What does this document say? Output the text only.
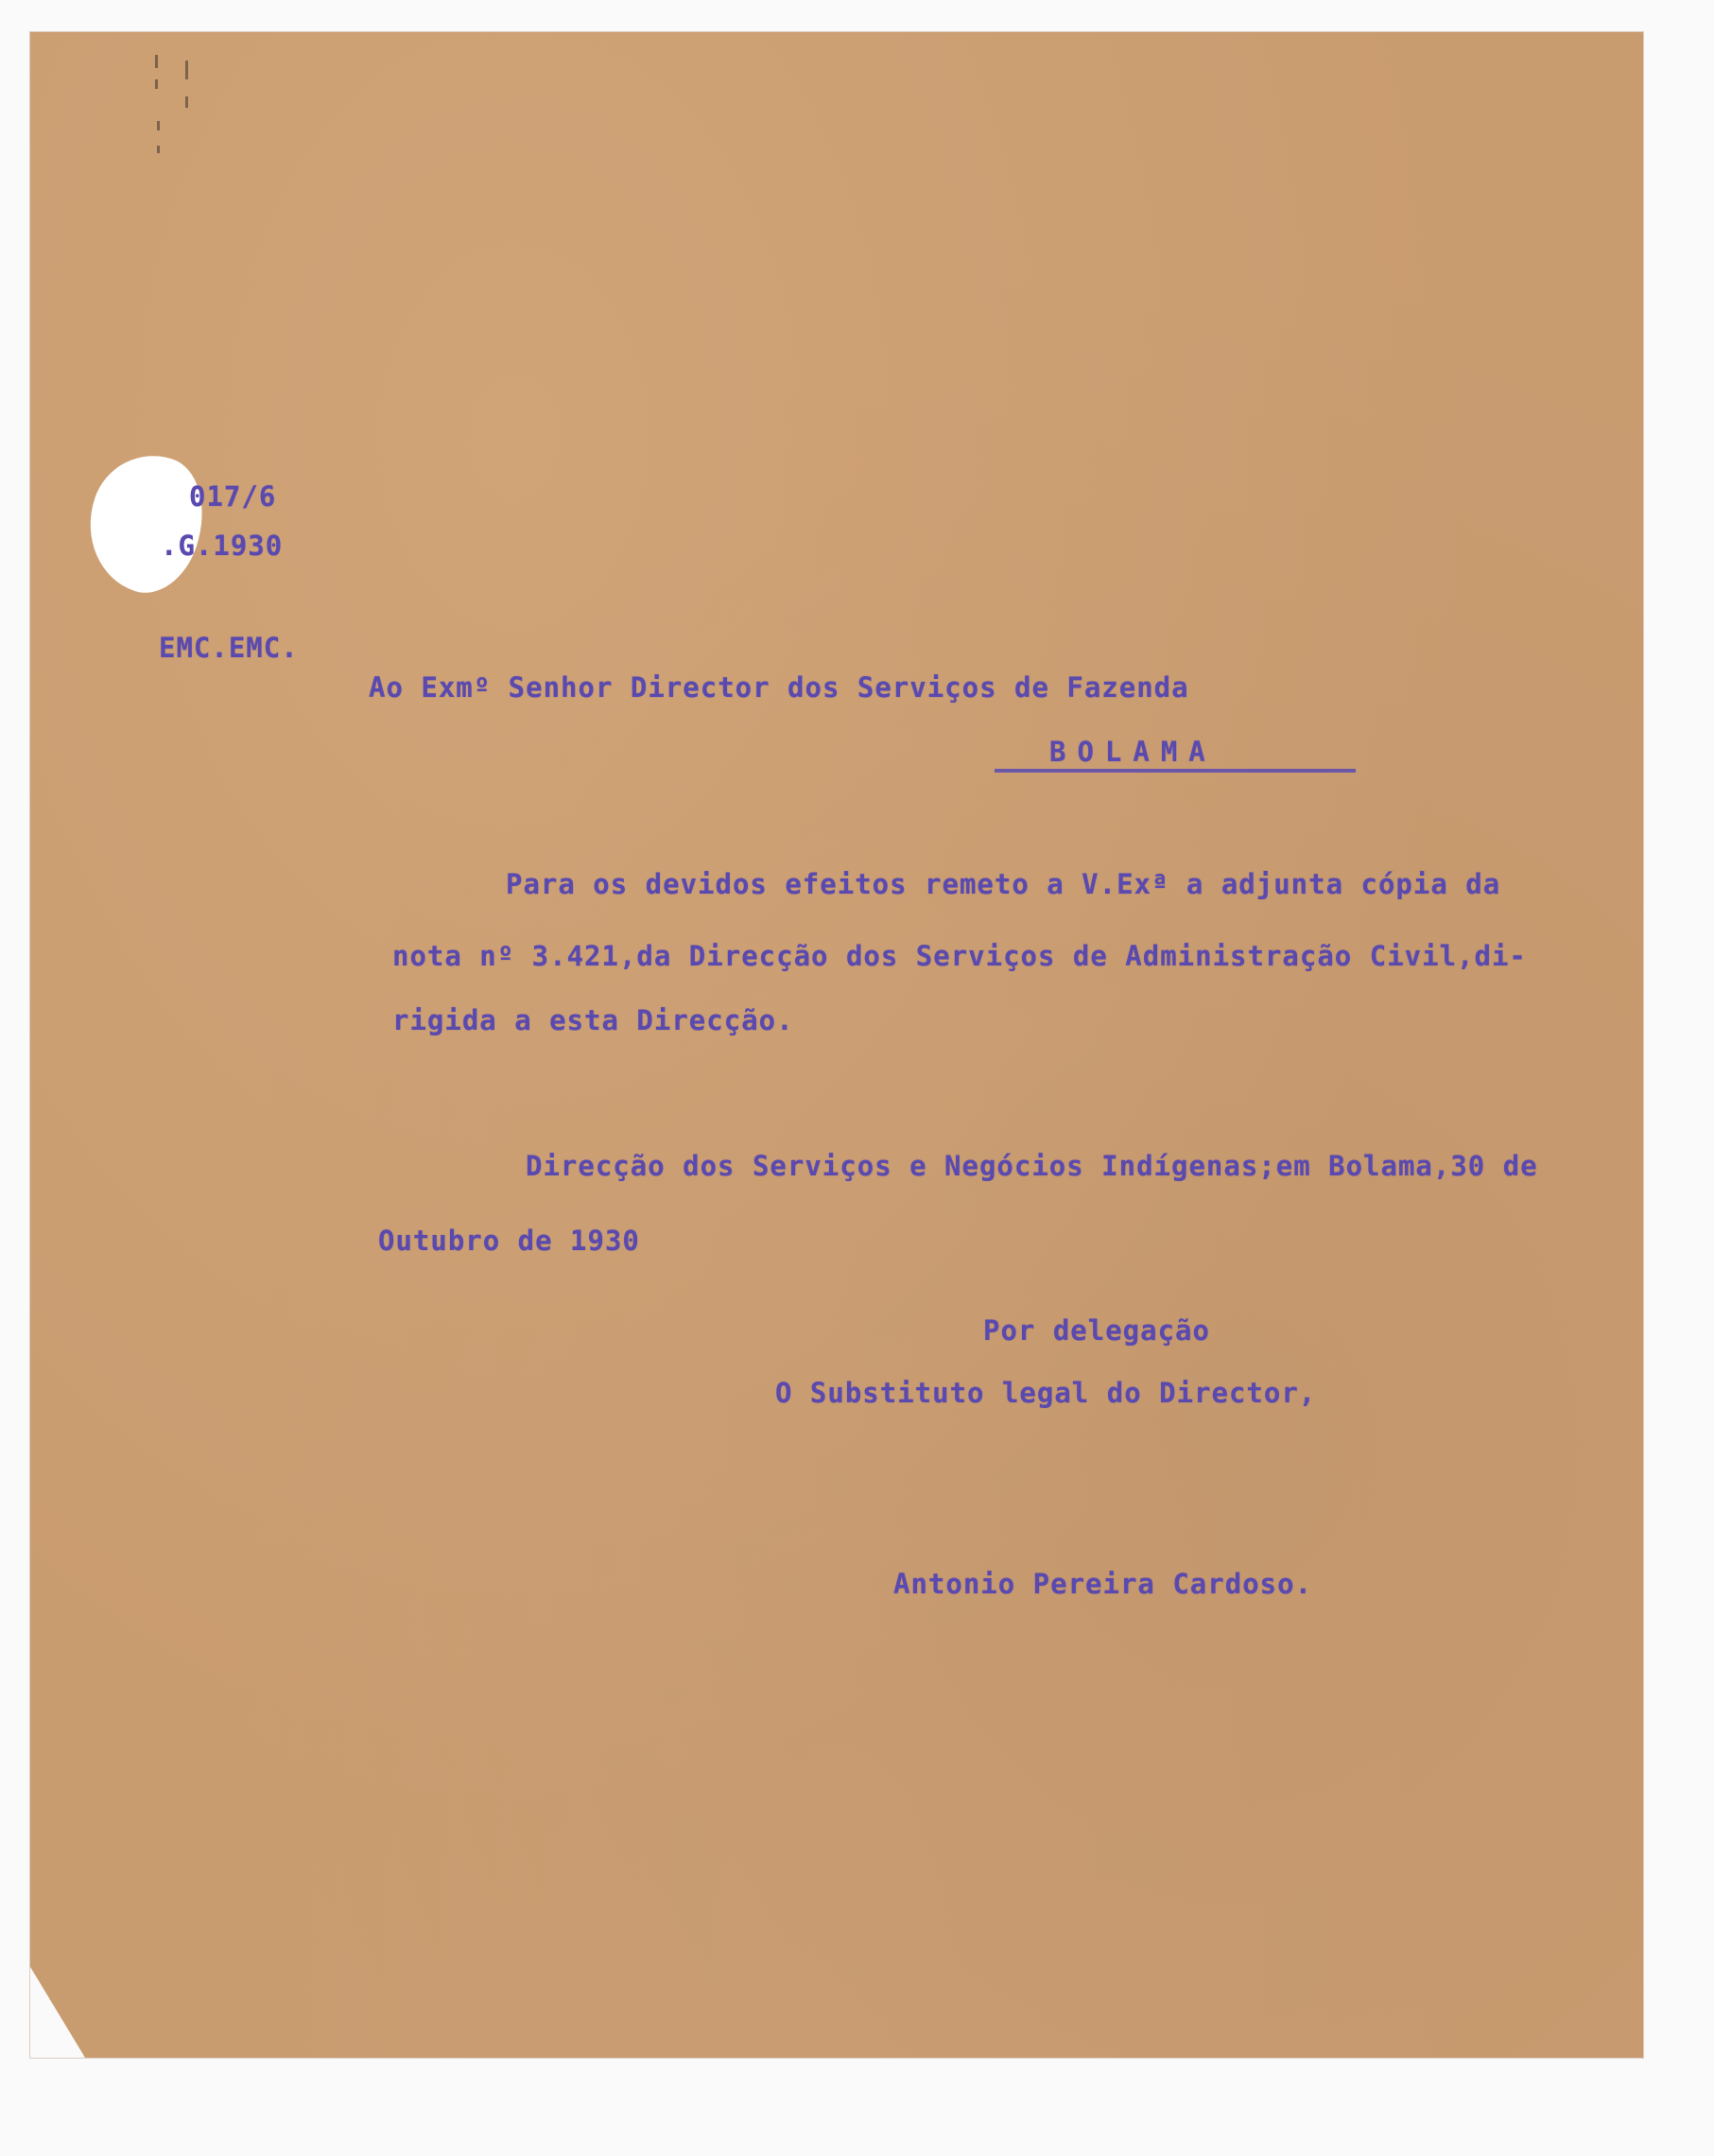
017/6
.G.1930
EMC.EMC.
Ao Exmº Senhor Director dos Serviços de Fazenda
BOLAMA
Para os devidos efeitos remeto a V.Exª a adjunta cópia da
nota nº 3.421,da Direcção dos Serviços de Administração Civil,di-
rigida a esta Direcção.
Direcção dos Serviços e Negócios Indígenas;em Bolama,30 de
Outubro de 1930
Por delegação
O Substituto legal do Director,
Antonio Pereira Cardoso.
